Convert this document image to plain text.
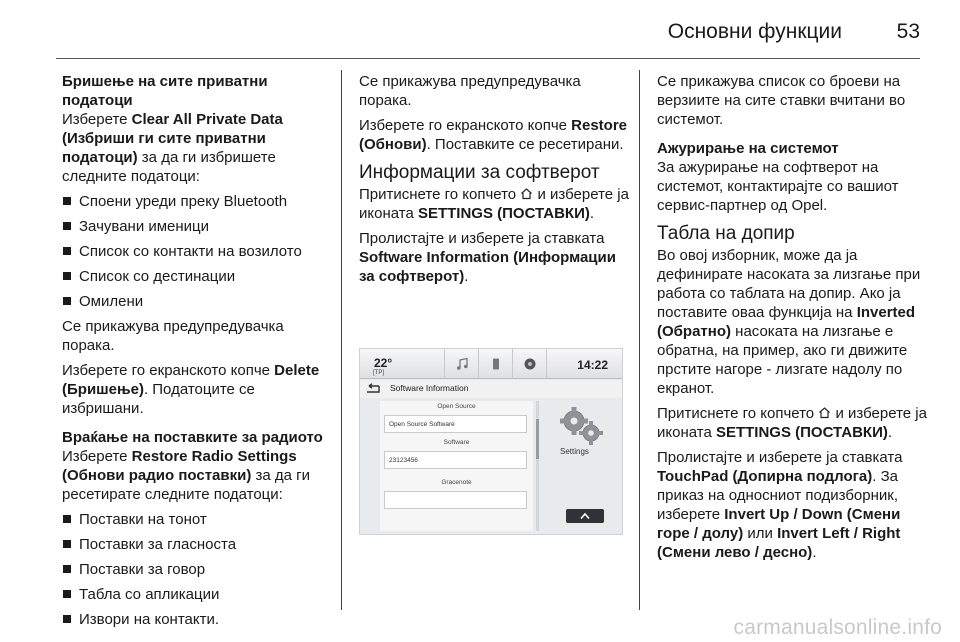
Основни функции	53
Бришење на сите приватни податоци
Изберете Clear All Private Data (Избриши ги сите приватни податоци) за да ги избришете следните податоци:
Споени уреди преку Bluetooth
Зачувани именици
Список со контакти на возилото
Список со дестинации
Омилени
Се прикажува предупредувачка порака.
Изберете го екранското копче Delete (Бришење). Податоците се избришани.
Враќање на поставките за радиото
Изберете Restore Radio Settings (Обнови радио поставки) за да ги ресетирате следните податоци:
Поставки на тонот
Поставки за гласноста
Поставки за говор
Табла со апликации
Извори на контакти.
Се прикажува предупредувачка порака.
Изберете го екранското копче Restore (Обнови). Поставките се ресетирани.
Информации за софтверот
Притиснете го копчето  и изберете ја иконата SETTINGS (ПОСТАВКИ).
Пролистајте и изберете ја ставката Software Information (Информации за софтверот).
22°
[TP]
14:22
Software Information
Open Source
Open Source Software
Software
23123456
Gracenote
Settings
Се прикажува список со броеви на верзиите на сите ставки вчитани во системот.
Ажурирање на системот
За ажурирање на софтверот на системот, контактирајте со вашиот сервис-партнер од Opel.
Табла на допир
Во овој изборник, може да ја дефинирате насоката за лизгање при работа со таблата на допир. Ако ја поставите оваа функција на Inverted (Обратно) насоката на лизгање е обратна, на пример, ако ги движите прстите нагоре - лизгате надолу по екранот.
Притиснете го копчето  и изберете ја иконата SETTINGS (ПОСТАВКИ).
Пролистајте и изберете ја ставката TouchPad (Допирна подлога). За приказ на односниот подизборник, изберете Invert Up / Down (Смени горе / долу) или Invert Left / Right (Смени лево / десно).
carmanualsonline.info
